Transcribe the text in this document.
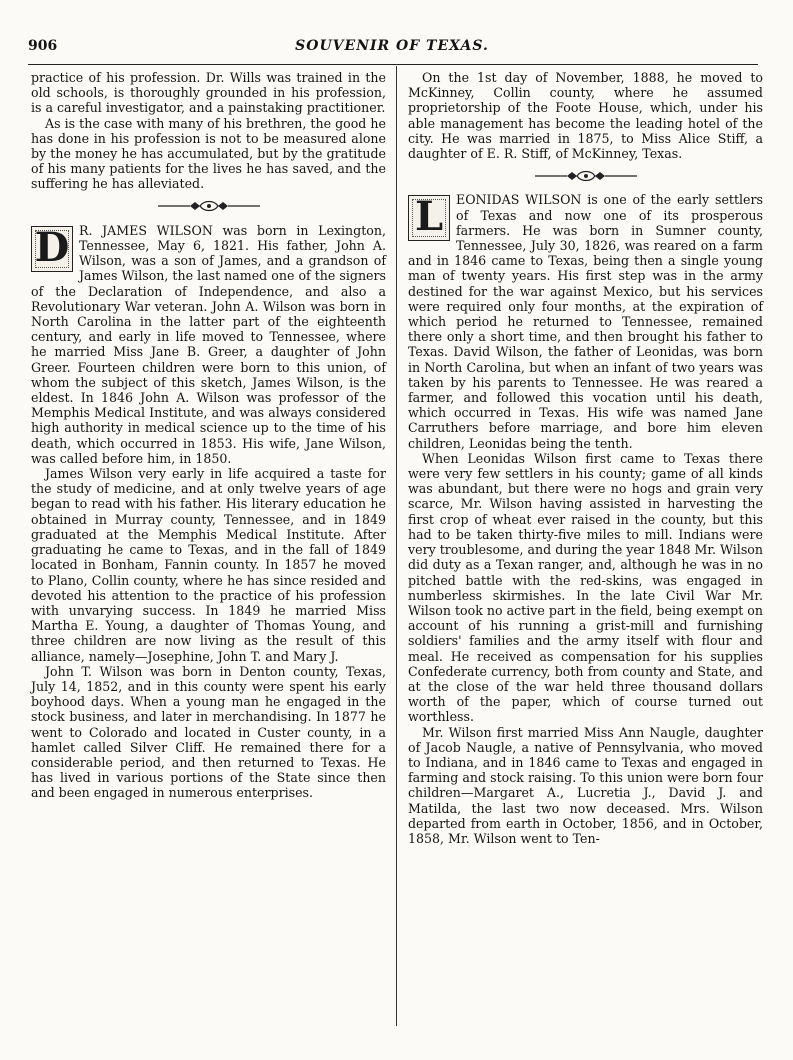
906	SOUVENIR OF TEXAS.

practice of his profession. Dr. Wills was trained in the old schools, is thoroughly grounded in his profession, is a careful investigator, and a painstaking practitioner.

As is the case with many of his brethren, the good he has done in his profession is not to be measured alone by the money he has accumulated, but by the gratitude of his many patients for the lives he has saved, and the suffering he has alleviated.

D R. JAMES WILSON was born in Lexington, Tennessee, May 6, 1821. His father, John A. Wilson, was a son of James, and a grandson of James Wilson, the last named one of the signers of the Declaration of Independence, and also a Revolutionary War veteran. John A. Wilson was born in North Carolina in the latter part of the eighteenth century, and early in life moved to Tennessee, where he married Miss Jane B. Greer, a daughter of John Greer. Fourteen children were born to this union, of whom the subject of this sketch, James Wilson, is the eldest. In 1846 John A. Wilson was professor of the Memphis Medical Institute, and was always considered high authority in medical science up to the time of his death, which occurred in 1853. His wife, Jane Wilson, was called before him, in 1850.

James Wilson very early in life acquired a taste for the study of medicine, and at only twelve years of age began to read with his father. His literary education he obtained in Murray county, Tennessee, and in 1849 graduated at the Memphis Medical Institute. After graduating he came to Texas, and in the fall of 1849 located in Bonham, Fannin county. In 1857 he moved to Plano, Collin county, where he has since resided and devoted his attention to the practice of his profession with unvarying success. In 1849 he married Miss Martha E. Young, a daughter of Thomas Young, and three children are now living as the result of this alliance, namely—Josephine, John T. and Mary J.

John T. Wilson was born in Denton county, Texas, July 14, 1852, and in this county were spent his early boyhood days. When a young man he engaged in the stock business, and later in merchandising. In 1877 he went to Colorado and located in Custer county, in a hamlet called Silver Cliff. He remained there for a considerable period, and then returned to Texas. He has lived in various portions of the State since then and been engaged in numerous enterprises.

On the 1st day of November, 1888, he moved to McKinney, Collin county, where he assumed proprietorship of the Foote House, which, under his able management has become the leading hotel of the city. He was married in 1875, to Miss Alice Stiff, a daughter of E. R. Stiff, of McKinney, Texas.

L	EONIDAS WILSON is one of the early settlers of Texas and now one of its prosperous farmers. He was born in Sumner county, Tennessee, July 30, 1826, was reared on a farm and in 1846 came to Texas, being then a single young man of twenty years. His first step was in the army destined for the war against Mexico, but his services were required only four months, at the expiration of which period he returned to Tennessee, remained there only a short time, and then brought his father to Texas. David Wilson, the father of Leonidas, was born in North Carolina, but when an infant of two years was taken by his parents to Tennessee. He was reared a farmer, and followed this vocation until his death, which occurred in Texas. His wife was named Jane Carruthers before marriage, and bore him eleven children, Leonidas being the tenth.

When Leonidas Wilson first came to Texas there were very few settlers in his county; game of all kinds was abundant, but there were no hogs and grain very scarce, Mr. Wilson having assisted in harvesting the first crop of wheat ever raised in the county, but this had to be taken thirty-five miles to mill. Indians were very troublesome, and during the year 1848 Mr. Wilson did duty as a Texan ranger, and, although he was in no pitched battle with the red-skins, was engaged in numberless skirmishes. In the late Civil War Mr. Wilson took no active part in the field, being exempt on account of his running a grist-mill and furnishing soldiers' families and the army itself with flour and meal. He received as compensation for his supplies Confederate currency, both from county and State, and at the close of the war held three thousand dollars worth of the paper, which of course turned out worthless.

Mr. Wilson first married Miss Ann Naugle, daughter of Jacob Naugle, a native of Pennsylvania, who moved to Indiana, and in 1846 came to Texas and engaged in farming and stock raising. To this union were born four children—Margaret A., Lucretia J., David J. and Matilda, the last two now deceased. Mrs. Wilson departed from earth in October, 1856, and in October, 1858, Mr. Wilson went to Ten-
